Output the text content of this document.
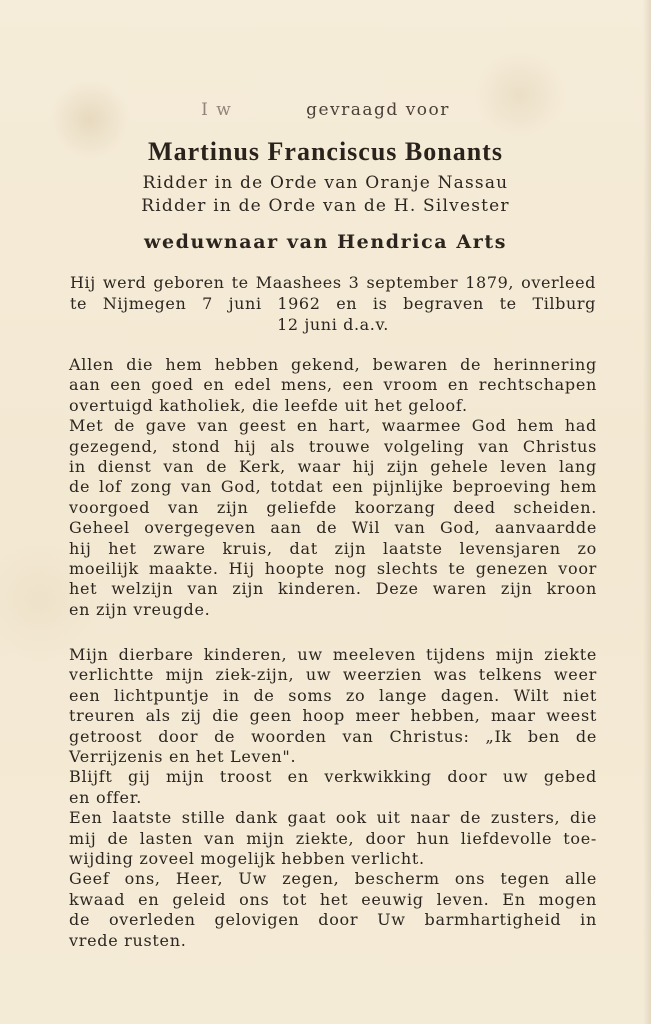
I w	gevraagd voor
Martinus Franciscus Bonants
Ridder in de Orde van Oranje Nassau
Ridder in de Orde van de H. Silvester
weduwnaar van Hendrica Arts
Hij werd geboren te Maashees 3 september 1879, overleed
te Nijmegen 7 juni 1962 en is begraven te Tilburg
12 juni d.a.v.
Allen die hem hebben gekend, bewaren de herinnering
aan een goed en edel mens, een vroom en rechtschapen
overtuigd katholiek, die leefde uit het geloof.
Met de gave van geest en hart, waarmee God hem had
gezegend, stond hij als trouwe volgeling van Christus
in dienst van de Kerk, waar hij zijn gehele leven lang
de lof zong van God, totdat een pijnlijke beproeving hem
voorgoed van zijn geliefde koorzang deed scheiden.
Geheel overgegeven aan de Wil van God, aanvaardde
hij het zware kruis, dat zijn laatste levensjaren zo
moeilijk maakte. Hij hoopte nog slechts te genezen voor
het welzijn van zijn kinderen. Deze waren zijn kroon
en zijn vreugde.
Mijn dierbare kinderen, uw meeleven tijdens mijn ziekte
verlichtte mijn ziek-zijn, uw weerzien was telkens weer
een lichtpuntje in de soms zo lange dagen. Wilt niet
treuren als zij die geen hoop meer hebben, maar weest
getroost door de woorden van Christus: „Ik ben de
Verrijzenis en het Leven".
Blijft gij mijn troost en verkwikking door uw gebed
en offer.
Een laatste stille dank gaat ook uit naar de zusters, die
mij de lasten van mijn ziekte, door hun liefdevolle toe-
wijding zoveel mogelijk hebben verlicht.
Geef ons, Heer, Uw zegen, bescherm ons tegen alle
kwaad en geleid ons tot het eeuwig leven. En mogen
de overleden gelovigen door Uw barmhartigheid in
vrede rusten.
